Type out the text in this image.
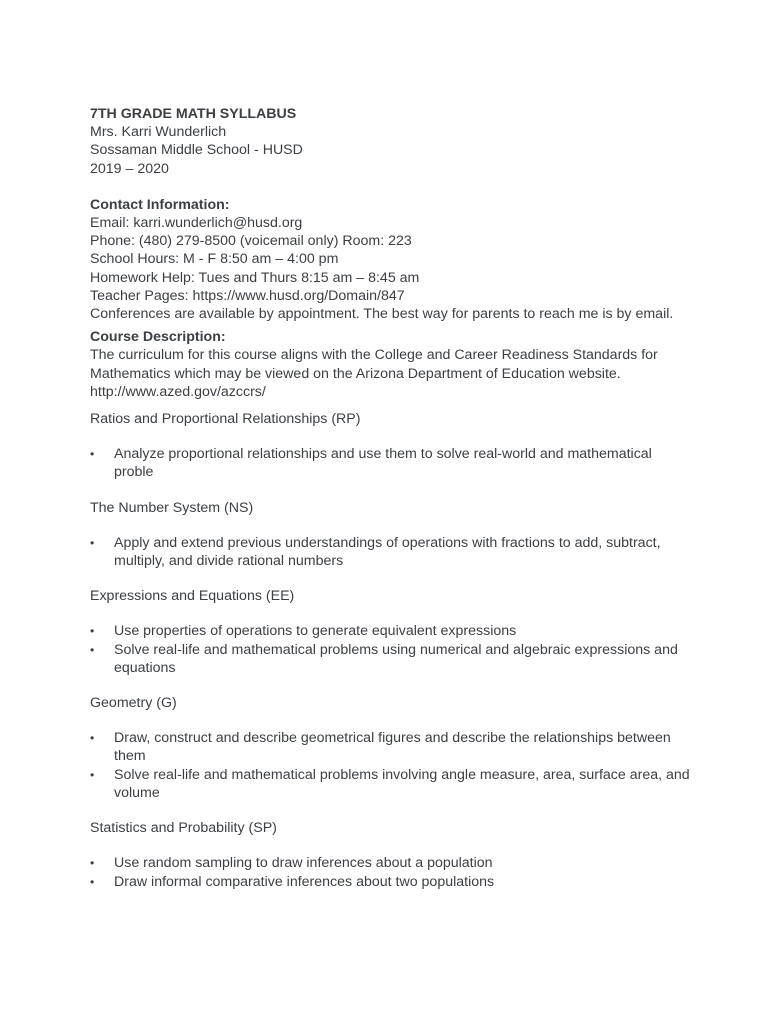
7TH GRADE MATH SYLLABUS

Mrs. Karri Wunderlich

Sossaman Middle School - HUSD

2019 – 2020

Contact Information:

Email: karri.wunderlich@husd.org

Phone: (480) 279-8500 (voicemail only) Room: 223

School Hours: M - F 8:50 am – 4:00 pm

Homework Help: Tues and Thurs 8:15 am – 8:45 am

Teacher Pages: https://www.husd.org/Domain/847

Conferences are available by appointment. The best way for parents to reach me is by email.

Course Description:

The curriculum for this course aligns with the College and Career Readiness Standards for Mathematics which may be viewed on the Arizona Department of Education website.

http://www.azed.gov/azccrs/

Ratios and Proportional Relationships (RP)

•	Analyze proportional relationships and use them to solve real-world and mathematical proble

The Number System (NS)

•	Apply and extend previous understandings of operations with fractions to add, subtract, multiply, and divide rational numbers

Expressions and Equations (EE)

•	Use properties of operations to generate equivalent expressions
•	Solve real-life and mathematical problems using numerical and algebraic expressions and equations

Geometry (G)

•	Draw, construct and describe geometrical figures and describe the relationships between them
•	Solve real-life and mathematical problems involving angle measure, area, surface area, and volume

Statistics and Probability (SP)

•	Use random sampling to draw inferences about a population
•	Draw informal comparative inferences about two populations
